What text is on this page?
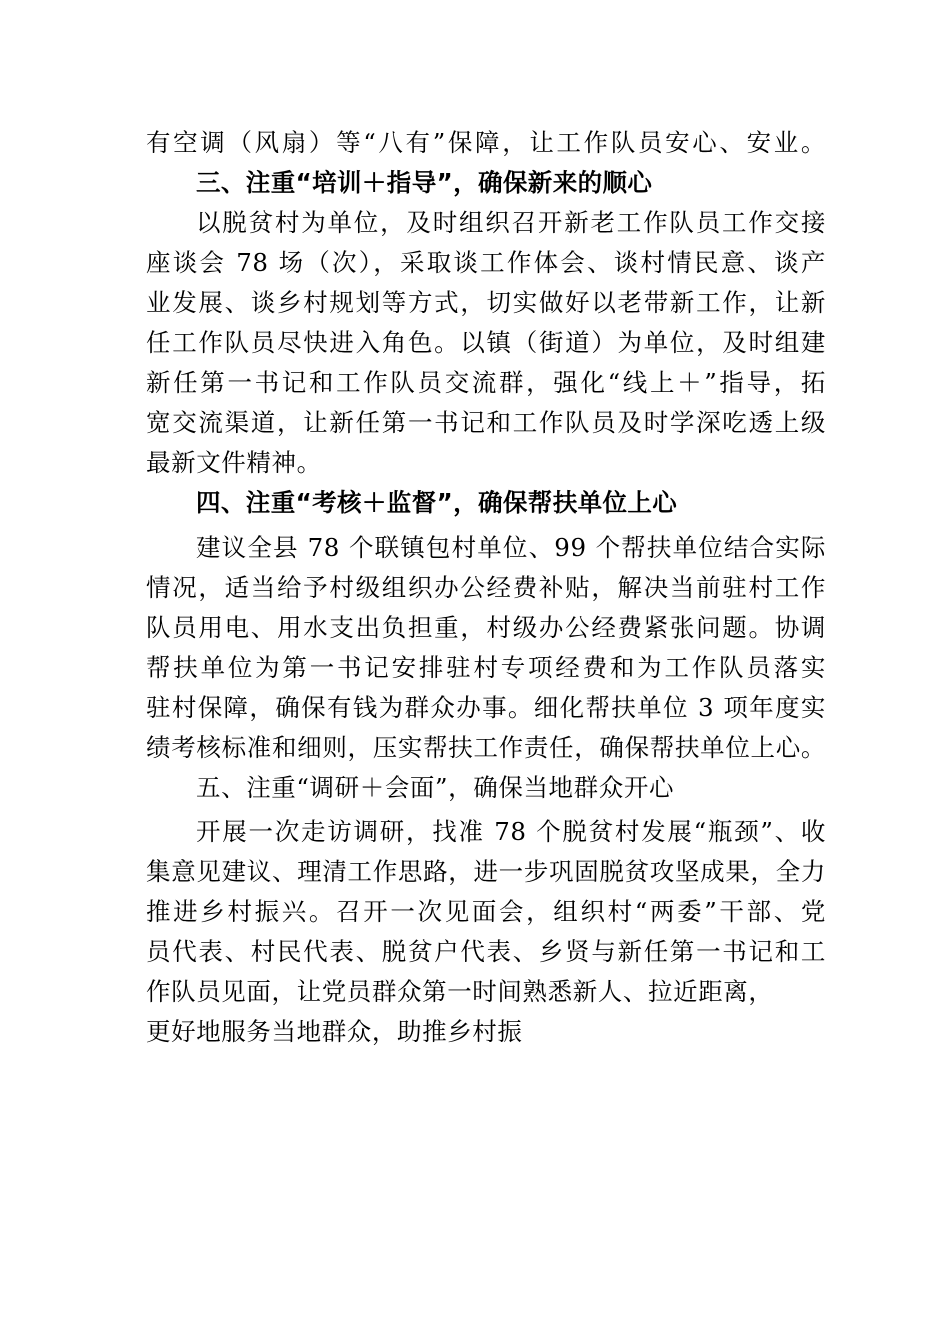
有空调（风扇）等“八有”保障，让工作队员安心、安业。
三、注重“培训＋指导”，确保新来的顺心
以脱贫村为单位，及时组织召开新老工作队员工作交接
座谈会 78 场（次），采取谈工作体会、谈村情民意、谈产
业发展、谈乡村规划等方式，切实做好以老带新工作，让新
任工作队员尽快进入角色。以镇（街道）为单位，及时组建
新任第一书记和工作队员交流群，强化“线上＋”指导，拓
宽交流渠道，让新任第一书记和工作队员及时学深吃透上级
最新文件精神。
四、注重“考核＋监督”，确保帮扶单位上心
建议全县 78 个联镇包村单位、99 个帮扶单位结合实际
情况，适当给予村级组织办公经费补贴，解决当前驻村工作
队员用电、用水支出负担重，村级办公经费紧张问题。协调
帮扶单位为第一书记安排驻村专项经费和为工作队员落实
驻村保障，确保有钱为群众办事。细化帮扶单位 3 项年度实
绩考核标准和细则，压实帮扶工作责任，确保帮扶单位上心。
五、注重“调研＋会面”，确保当地群众开心
开展一次走访调研，找准 78 个脱贫村发展“瓶颈”、收
集意见建议、理清工作思路，进一步巩固脱贫攻坚成果，全力
推进乡村振兴。召开一次见面会，组织村“两委”干部、党
员代表、村民代表、脱贫户代表、乡贤与新任第一书记和工
作队员见面，让党员群众第一时间熟悉新人、拉近距离，
更好地服务当地群众，助推乡村振
